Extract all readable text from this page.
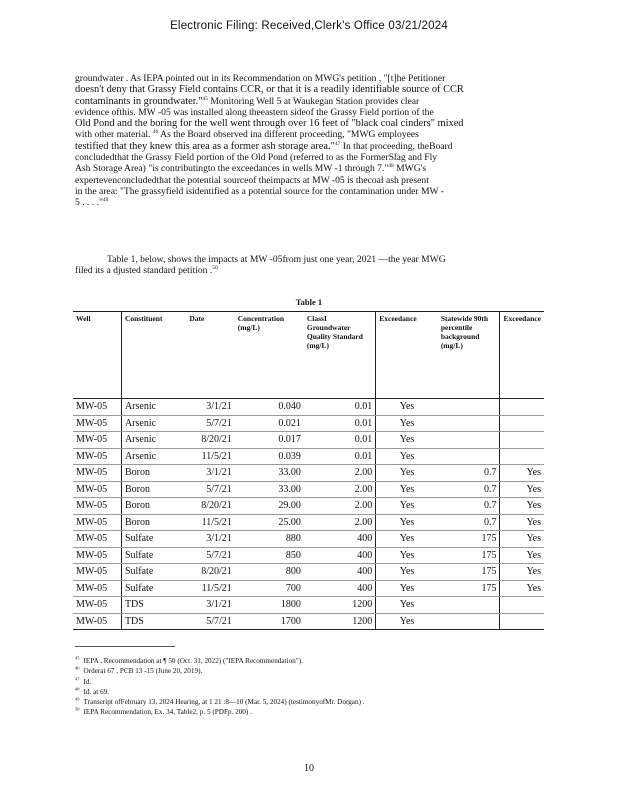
Electronic Filing: Received,Clerk's Office 03/21/2024

groundwater . As IEPA pointed out in its Recommendation on MWG's petition , "[t]he Petitioner

doesn't deny that Grassy Field contains CCR, or that it is a readily identifiable source of CCR

contaminants in groundwater."$^{45}$ Monitoring Well 5 at Waukegan Station provides clear

evidence ofthis. MW -05 was installed along theeastern sideof the Grassy Field portion of the

Old Pond and the boring for the well went through over 16 feet of "black coal cinders" mixed

with other material. $^{46}$ As the Board observed ina different proceeding, "MWG employees

testified that they knew this area as a former ash storage area."$^{47}$ In that proceeding, theBoard

concludedthat the Grassy Field portion of the Old Pond (referred to as the FormerSlag and Fly

Ash Storage Area) "is contributingto the exceedances in wells MW -1 through 7."$^{48}$ MWG's

expertevenconcludedthat the potential sourceof theimpacts at MW -05 is thecoal ash present

in the area: "The grassyfield isidentified as a potential source for the contamination under MW -

5 . . . ."$^{49}$

Table 1, below, shows the impacts at MW -05from just one year, 2021 —the year MWG

filed its a djusted standard petition .$^{50}$

Table 1
Well	Constituent	Date	Concentration (mg/L)	ClassI Groundwater Quality Standard (mg/L)	Exceedance	Statewide 90th percentile background (mg/L)	Exceedance
MW-05	Arsenic	3/1/21	0.040	0.01	Yes		
MW-05	Arsenic	5/7/21	0.021	0.01	Yes		
MW-05	Arsenic	8/20/21	0.017	0.01	Yes		
MW-05	Arsenic	11/5/21	0.039	0.01	Yes		
MW-05	Boron	3/1/21	33.00	2.00	Yes	0.7	Yes
MW-05	Boron	5/7/21	33.00	2.00	Yes	0.7	Yes
MW-05	Boron	8/20/21	29.00	2.00	Yes	0.7	Yes
MW-05	Boron	11/5/21	25.00	2.00	Yes	0.7	Yes
MW-05	Sulfate	3/1/21	880	400	Yes	175	Yes
MW-05	Sulfate	5/7/21	850	400	Yes	175	Yes
MW-05	Sulfate	8/20/21	800	400	Yes	175	Yes
MW-05	Sulfate	11/5/21	700	400	Yes	175	Yes
MW-05	TDS	3/1/21	1800	1200	Yes		
MW-05	TDS	5/7/21	1700	1200	Yes		
$^{45}$ IEPA , Recommendation at ¶ 50 (Oct. 31, 2022) ("IEPA Recommendation").
$^{46}$ Orderat 67 , PCB 13 -15 (June 20, 2019).
$^{47}$ Id.
$^{48}$ Id. at 69.
$^{49}$ Transcript ofFebruary 13, 2024 Hearing, at 1 21 :8—10 (Mar. 5, 2024) (testimonyofMr. Dorgan) .
$^{50}$ IEPA Recommendation, Ex. 34, Table2, p. 5 (PDFp. 200) .
10
